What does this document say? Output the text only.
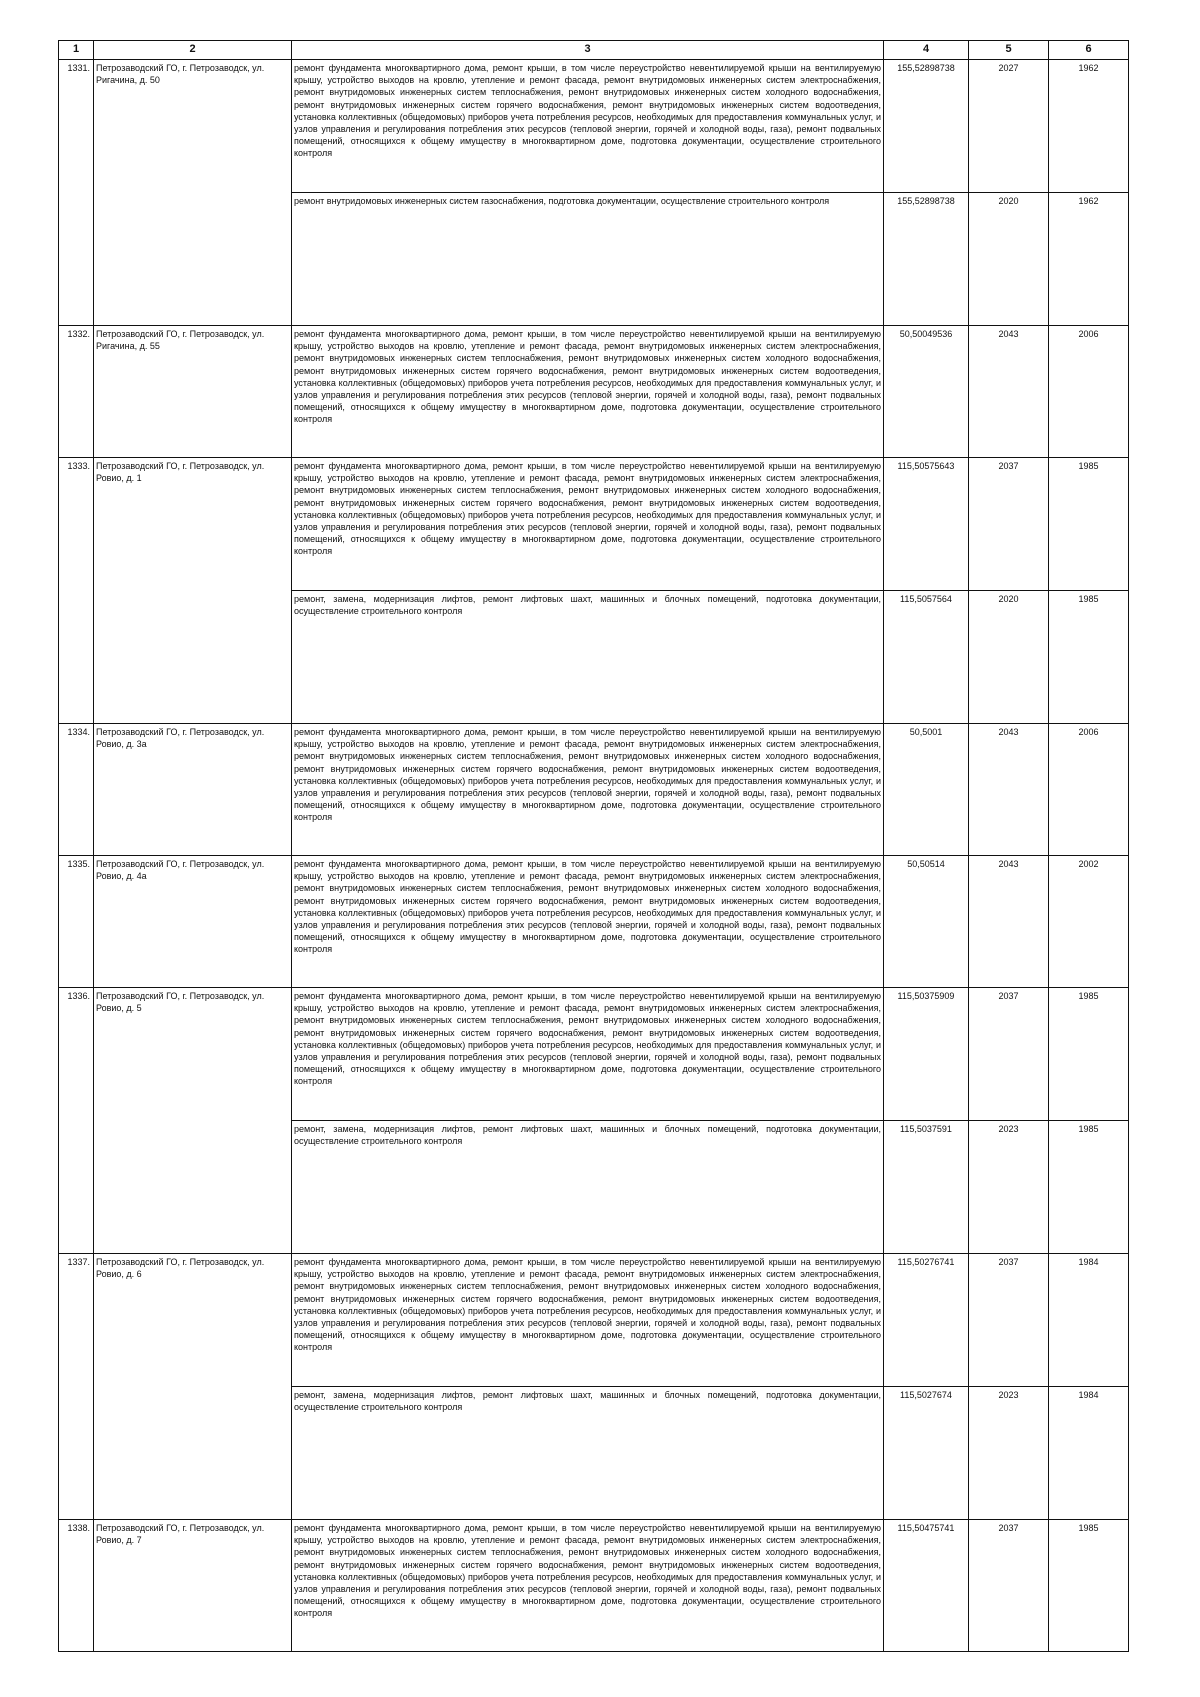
1	2	3	4	5	6
1331.	Петрозаводский ГО, г. Петрозаводск, ул. Ригачина, д. 50	ремонт фундамента многоквартирного дома, ремонт крыши, в том числе переустройство невентилируемой крыши на вентилируемую крышу, устройство выходов на кровлю, утепление и ремонт фасада, ремонт внутридомовых инженерных систем электроснабжения, ремонт внутридомовых инженерных систем теплоснабжения, ремонт внутридомовых инженерных систем холодного водоснабжения, ремонт внутридомовых инженерных систем горячего водоснабжения, ремонт внутридомовых инженерных систем водоотведения, установка коллективных (общедомовых) приборов учета потребления ресурсов, необходимых для предоставления коммунальных услуг, и узлов управления и регулирования потребления этих ресурсов (тепловой энергии, горячей и холодной воды, газа), ремонт подвальных помещений, относящихся к общему имуществу в многоквартирном доме, подготовка документации, осуществление строительного контроля	155,52898738	2027	1962
		ремонт внутридомовых инженерных систем газоснабжения, подготовка документации, осуществление строительного контроля	155,52898738	2020	1962
1332.	Петрозаводский ГО, г. Петрозаводск, ул. Ригачина, д. 55	ремонт фундамента многоквартирного дома, ремонт крыши, в том числе переустройство невентилируемой крыши на вентилируемую крышу, устройство выходов на кровлю, утепление и ремонт фасада, ремонт внутридомовых инженерных систем электроснабжения, ремонт внутридомовых инженерных систем теплоснабжения, ремонт внутридомовых инженерных систем холодного водоснабжения, ремонт внутридомовых инженерных систем горячего водоснабжения, ремонт внутридомовых инженерных систем водоотведения, установка коллективных (общедомовых) приборов учета потребления ресурсов, необходимых для предоставления коммунальных услуг, и узлов управления и регулирования потребления этих ресурсов (тепловой энергии, горячей и холодной воды, газа), ремонт подвальных помещений, относящихся к общему имуществу в многоквартирном доме, подготовка документации, осуществление строительного контроля	50,50049536	2043	2006
1333.	Петрозаводский ГО, г. Петрозаводск, ул. Ровио, д. 1	ремонт фундамента многоквартирного дома, ремонт крыши, в том числе переустройство невентилируемой крыши на вентилируемую крышу, устройство выходов на кровлю, утепление и ремонт фасада, ремонт внутридомовых инженерных систем электроснабжения, ремонт внутридомовых инженерных систем теплоснабжения, ремонт внутридомовых инженерных систем холодного водоснабжения, ремонт внутридомовых инженерных систем горячего водоснабжения, ремонт внутридомовых инженерных систем водоотведения, установка коллективных (общедомовых) приборов учета потребления ресурсов, необходимых для предоставления коммунальных услуг, и узлов управления и регулирования потребления этих ресурсов (тепловой энергии, горячей и холодной воды, газа), ремонт подвальных помещений, относящихся к общему имуществу в многоквартирном доме, подготовка документации, осуществление строительного контроля	115,50575643	2037	1985
		ремонт, замена, модернизация лифтов, ремонт лифтовых шахт, машинных и блочных помещений, подготовка документации, осуществление строительного контроля	115,5057564	2020	1985
1334.	Петрозаводский ГО, г. Петрозаводск, ул. Ровио, д. 3а	ремонт фундамента многоквартирного дома, ремонт крыши, в том числе переустройство невентилируемой крыши на вентилируемую крышу, устройство выходов на кровлю, утепление и ремонт фасада, ремонт внутридомовых инженерных систем электроснабжения, ремонт внутридомовых инженерных систем теплоснабжения, ремонт внутридомовых инженерных систем холодного водоснабжения, ремонт внутридомовых инженерных систем горячего водоснабжения, ремонт внутридомовых инженерных систем водоотведения, установка коллективных (общедомовых) приборов учета потребления ресурсов, необходимых для предоставления коммунальных услуг, и узлов управления и регулирования потребления этих ресурсов (тепловой энергии, горячей и холодной воды, газа), ремонт подвальных помещений, относящихся к общему имуществу в многоквартирном доме, подготовка документации, осуществление строительного контроля	50,5001	2043	2006
1335.	Петрозаводский ГО, г. Петрозаводск, ул. Ровио, д. 4а	ремонт фундамента многоквартирного дома, ремонт крыши, в том числе переустройство невентилируемой крыши на вентилируемую крышу, устройство выходов на кровлю, утепление и ремонт фасада, ремонт внутридомовых инженерных систем электроснабжения, ремонт внутридомовых инженерных систем теплоснабжения, ремонт внутридомовых инженерных систем холодного водоснабжения, ремонт внутридомовых инженерных систем горячего водоснабжения, ремонт внутридомовых инженерных систем водоотведения, установка коллективных (общедомовых) приборов учета потребления ресурсов, необходимых для предоставления коммунальных услуг, и узлов управления и регулирования потребления этих ресурсов (тепловой энергии, горячей и холодной воды, газа), ремонт подвальных помещений, относящихся к общему имуществу в многоквартирном доме, подготовка документации, осуществление строительного контроля	50,50514	2043	2002
1336.	Петрозаводский ГО, г. Петрозаводск, ул. Ровио, д. 5	ремонт фундамента многоквартирного дома, ремонт крыши, в том числе переустройство невентилируемой крыши на вентилируемую крышу, устройство выходов на кровлю, утепление и ремонт фасада, ремонт внутридомовых инженерных систем электроснабжения, ремонт внутридомовых инженерных систем теплоснабжения, ремонт внутридомовых инженерных систем холодного водоснабжения, ремонт внутридомовых инженерных систем горячего водоснабжения, ремонт внутридомовых инженерных систем водоотведения, установка коллективных (общедомовых) приборов учета потребления ресурсов, необходимых для предоставления коммунальных услуг, и узлов управления и регулирования потребления этих ресурсов (тепловой энергии, горячей и холодной воды, газа), ремонт подвальных помещений, относящихся к общему имуществу в многоквартирном доме, подготовка документации, осуществление строительного контроля	115,50375909	2037	1985
		ремонт, замена, модернизация лифтов, ремонт лифтовых шахт, машинных и блочных помещений, подготовка документации, осуществление строительного контроля	115,5037591	2023	1985
1337.	Петрозаводский ГО, г. Петрозаводск, ул. Ровио, д. 6	ремонт фундамента многоквартирного дома, ремонт крыши, в том числе переустройство невентилируемой крыши на вентилируемую крышу, устройство выходов на кровлю, утепление и ремонт фасада, ремонт внутридомовых инженерных систем электроснабжения, ремонт внутридомовых инженерных систем теплоснабжения, ремонт внутридомовых инженерных систем холодного водоснабжения, ремонт внутридомовых инженерных систем горячего водоснабжения, ремонт внутридомовых инженерных систем водоотведения, установка коллективных (общедомовых) приборов учета потребления ресурсов, необходимых для предоставления коммунальных услуг, и узлов управления и регулирования потребления этих ресурсов (тепловой энергии, горячей и холодной воды, газа), ремонт подвальных помещений, относящихся к общему имуществу в многоквартирном доме, подготовка документации, осуществление строительного контроля	115,50276741	2037	1984
		ремонт, замена, модернизация лифтов, ремонт лифтовых шахт, машинных и блочных помещений, подготовка документации, осуществление строительного контроля	115,5027674	2023	1984
1338.	Петрозаводский ГО, г. Петрозаводск, ул. Ровио, д. 7	ремонт фундамента многоквартирного дома, ремонт крыши, в том числе переустройство невентилируемой крыши на вентилируемую крышу, устройство выходов на кровлю, утепление и ремонт фасада, ремонт внутридомовых инженерных систем электроснабжения, ремонт внутридомовых инженерных систем теплоснабжения, ремонт внутридомовых инженерных систем холодного водоснабжения, ремонт внутридомовых инженерных систем горячего водоснабжения, ремонт внутридомовых инженерных систем водоотведения, установка коллективных (общедомовых) приборов учета потребления ресурсов, необходимых для предоставления коммунальных услуг, и узлов управления и регулирования потребления этих ресурсов (тепловой энергии, горячей и холодной воды, газа), ремонт подвальных помещений, относящихся к общему имуществу в многоквартирном доме, подготовка документации, осуществление строительного контроля	115,50475741	2037	1985
